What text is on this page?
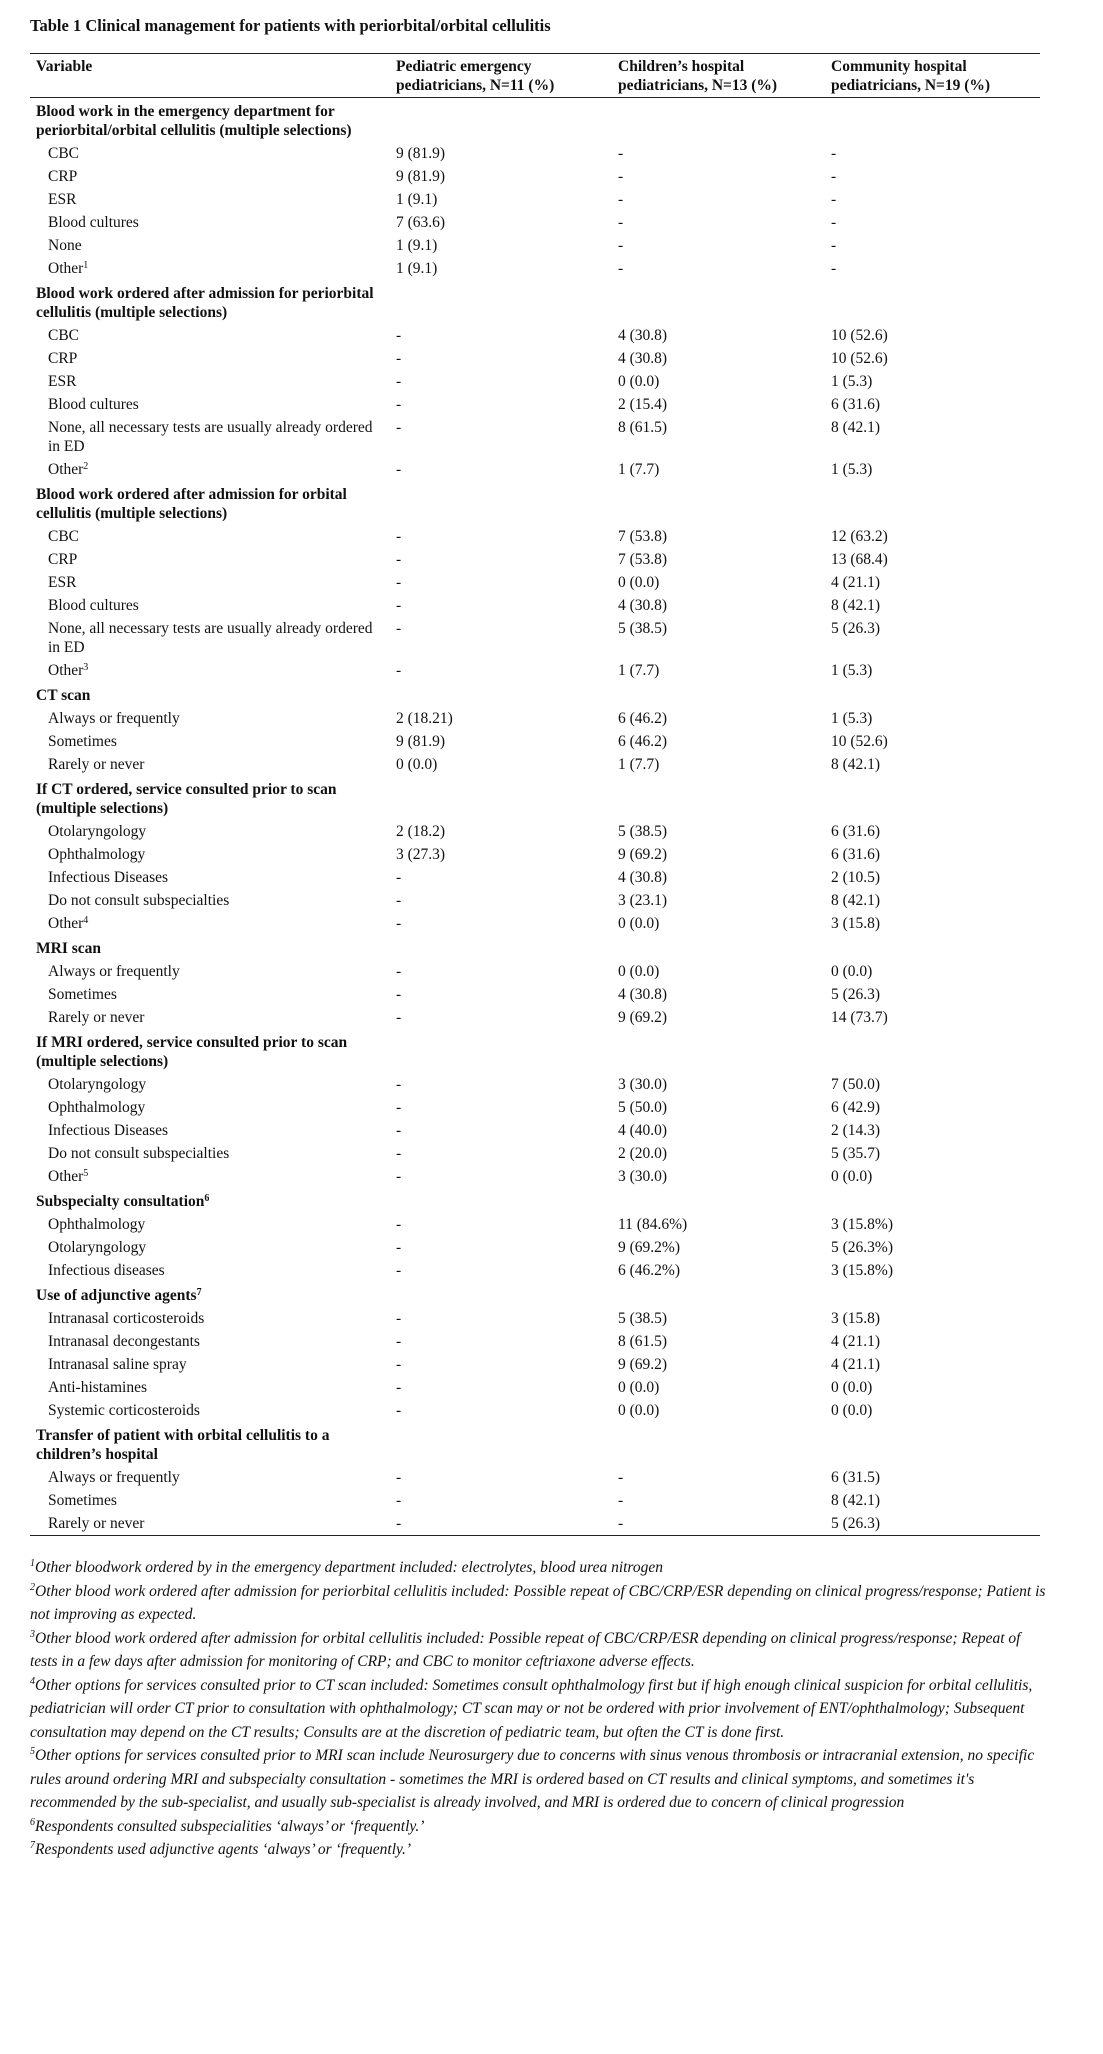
Table 1 Clinical management for patients with periorbital/orbital cellulitis
Variable	Pediatric emergency pediatricians, N=11 (%)	Children’s hospital pediatricians, N=13 (%)	Community hospital pediatricians, N=19 (%)
Blood work in the emergency department for periorbital/orbital cellulitis (multiple selections)			
CBC	9 (81.9)	-	-
CRP	9 (81.9)	-	-
ESR	1 (9.1)	-	-
Blood cultures	7 (63.6)	-	-
None	1 (9.1)	-	-
Other$^1$	1 (9.1)	-	-
Blood work ordered after admission for periorbital cellulitis (multiple selections)			
CBC	-	4 (30.8)	10 (52.6)
CRP	-	4 (30.8)	10 (52.6)
ESR	-	0 (0.0)	1 (5.3)
Blood cultures	-	2 (15.4)	6 (31.6)
None, all necessary tests are usually already ordered in ED	-	8 (61.5)	8 (42.1)
Other$^2$	-	1 (7.7)	1 (5.3)
Blood work ordered after admission for orbital cellulitis (multiple selections)			
CBC	-	7 (53.8)	12 (63.2)
CRP	-	7 (53.8)	13 (68.4)
ESR	-	0 (0.0)	4 (21.1)
Blood cultures	-	4 (30.8)	8 (42.1)
None, all necessary tests are usually already ordered in ED	-	5 (38.5)	5 (26.3)
Other$^3$	-	1 (7.7)	1 (5.3)
CT scan			
Always or frequently	2 (18.21)	6 (46.2)	1 (5.3)
Sometimes	9 (81.9)	6 (46.2)	10 (52.6)
Rarely or never	0 (0.0)	1 (7.7)	8 (42.1)
If CT ordered, service consulted prior to scan (multiple selections)			
Otolaryngology	2 (18.2)	5 (38.5)	6 (31.6)
Ophthalmology	3 (27.3)	9 (69.2)	6 (31.6)
Infectious Diseases	-	4 (30.8)	2 (10.5)
Do not consult subspecialties	-	3 (23.1)	8 (42.1)
Other$^4$	-	0 (0.0)	3 (15.8)
MRI scan			
Always or frequently	-	0 (0.0)	0 (0.0)
Sometimes	-	4 (30.8)	5 (26.3)
Rarely or never	-	9 (69.2)	14 (73.7)
If MRI ordered, service consulted prior to scan (multiple selections)			
Otolaryngology	-	3 (30.0)	7 (50.0)
Ophthalmology	-	5 (50.0)	6 (42.9)
Infectious Diseases	-	4 (40.0)	2 (14.3)
Do not consult subspecialties	-	2 (20.0)	5 (35.7)
Other$^5$	-	3 (30.0)	0 (0.0)
Subspecialty consultation$^6$			
Ophthalmology	-	11 (84.6%)	3 (15.8%)
Otolaryngology	-	9 (69.2%)	5 (26.3%)
Infectious diseases	-	6 (46.2%)	3 (15.8%)
Use of adjunctive agents$^7$			
Intranasal corticosteroids	-	5 (38.5)	3 (15.8)
Intranasal decongestants	-	8 (61.5)	4 (21.1)
Intranasal saline spray	-	9 (69.2)	4 (21.1)
Anti-histamines	-	0 (0.0)	0 (0.0)
Systemic corticosteroids	-	0 (0.0)	0 (0.0)
Transfer of patient with orbital cellulitis to a children’s hospital			
Always or frequently	-	-	6 (31.5)
Sometimes	-	-	8 (42.1)
Rarely or never	-	-	5 (26.3)

$^1$Other bloodwork ordered by in the emergency department included: electrolytes, blood urea nitrogen

$^2$Other blood work ordered after admission for periorbital cellulitis included: Possible repeat of CBC/CRP/ESR depending on clinical progress/response; Patient is not improving as expected.

$^3$Other blood work ordered after admission for orbital cellulitis included: Possible repeat of CBC/CRP/ESR depending on clinical progress/response; Repeat of tests in a few days after admission for monitoring of CRP; and CBC to monitor ceftriaxone adverse effects.

$^4$Other options for services consulted prior to CT scan included: Sometimes consult ophthalmology first but if high enough clinical suspicion for orbital cellulitis, pediatrician will order CT prior to consultation with ophthalmology; CT scan may or not be ordered with prior involvement of ENT/ophthalmology; Subsequent consultation may depend on the CT results; Consults are at the discretion of pediatric team, but often the CT is done first.

$^5$Other options for services consulted prior to MRI scan include Neurosurgery due to concerns with sinus venous thrombosis or intracranial extension, no specific rules around ordering MRI and subspecialty consultation - sometimes the MRI is ordered based on CT results and clinical symptoms, and sometimes it's recommended by the sub-specialist, and usually sub-specialist is already involved, and MRI is ordered due to concern of clinical progression

$^6$Respondents consulted subspecialities ‘always’ or ‘frequently.’

$^7$Respondents used adjunctive agents ‘always’ or ‘frequently.’
